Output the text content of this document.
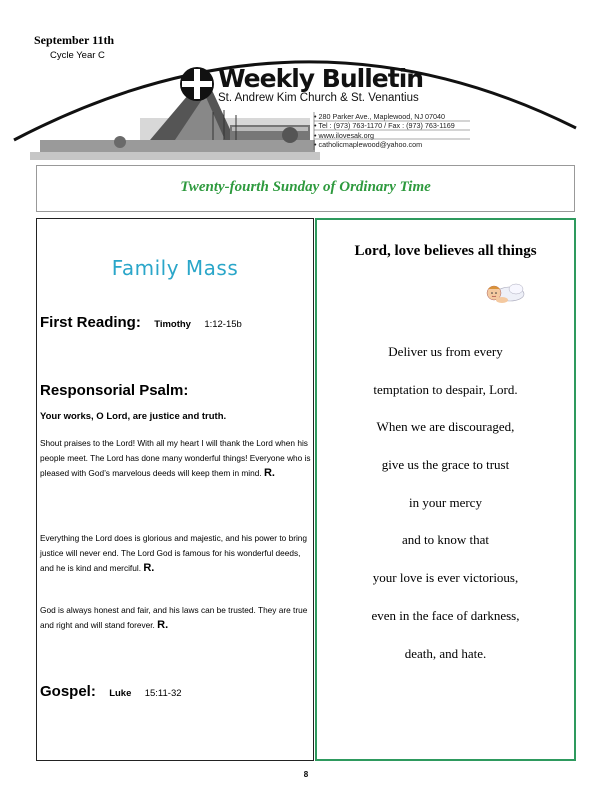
September 11th
Cycle Year C
Weekly Bulletin
St. Andrew Kim Church & St. Venantius
• 280 Parker Ave., Maplewood, NJ 07040
• Tel : (973) 763-1170 / Fax : (973) 763-1169
• www.ilovesak.org
• catholicmaplewood@yahoo.com
Twenty-fourth Sunday of Ordinary Time
Family Mass
First Reading: Timothy 1:12-15b
Responsorial Psalm:
Your works, O Lord, are justice and truth.
Shout praises to the Lord! With all my heart I will thank the Lord when his people meet. The Lord has done many wonderful things! Everyone who is pleased with God’s marvelous deeds will keep them in mind. R.
Everything the Lord does is glorious and majestic, and his power to bring justice will never end. The Lord God is famous for his wonderful deeds, and he is kind and merciful. R.
God is always honest and fair, and his laws can be trusted. They are true and right and will stand forever. R.
Gospel: Luke 15:11-32
Lord, love believes all things
Deliver us from every
temptation to despair, Lord.
When we are discouraged,
give us the grace to trust
in your mercy
and to know that
your love is ever victorious,
even in the face of darkness,
death, and hate.
8
